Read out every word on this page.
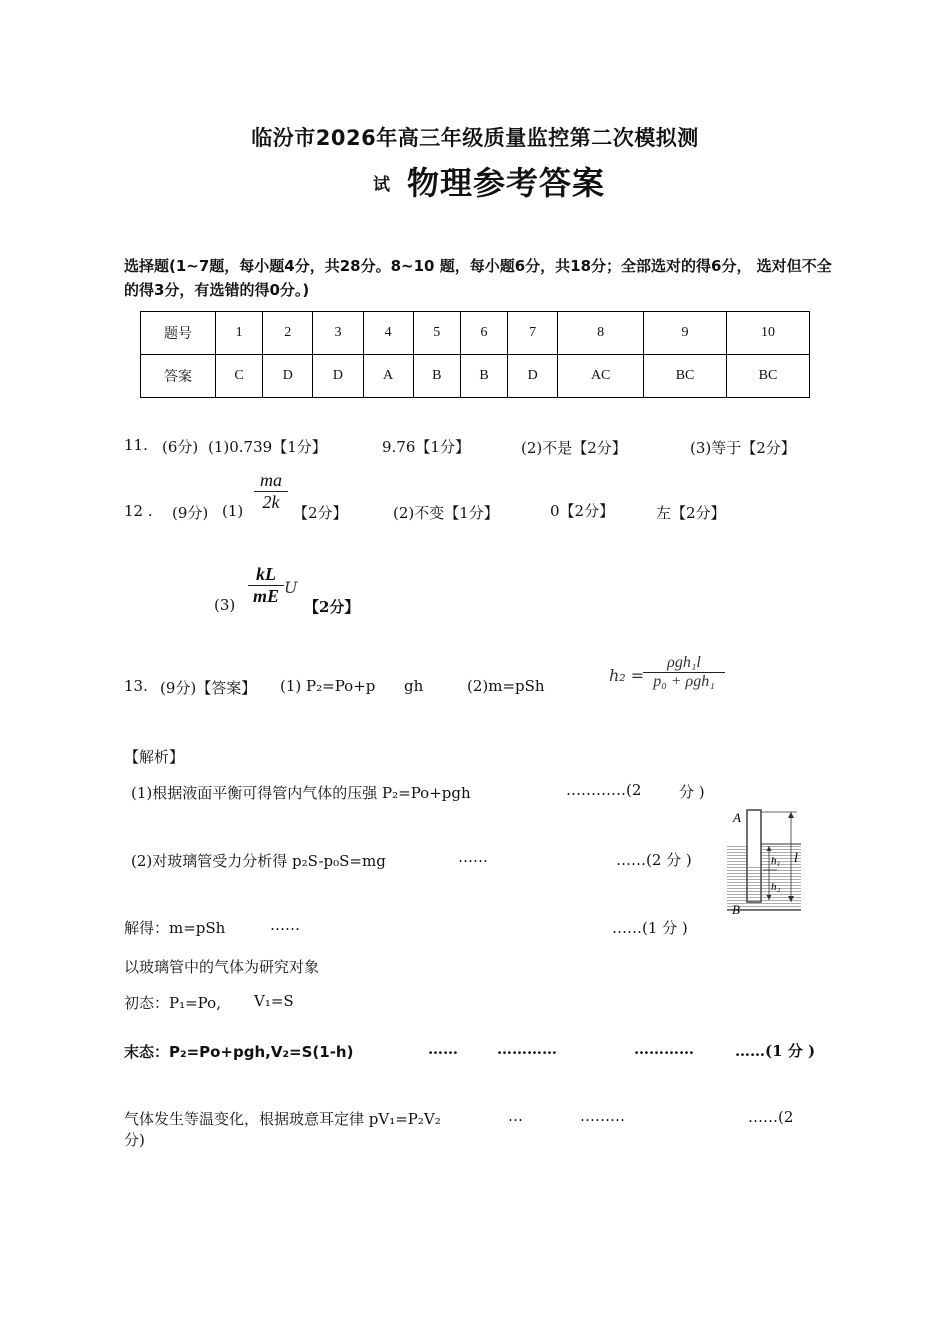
临汾市2026年高三年级质量监控第二次模拟测
试 物理参考答案
选择题(1~7题，每小题4分，共28分。8~10 题，每小题6分，共18分；全部选对的得6分， 选对但不全的得3分，有选错的得0分。)
题号	1	2	3	4	5	6	7	8	9	10
答案	C	D	D	A	B	B	D	AC	BC	BC
11. (6分) (1)0.739【1分】	9.76【1分】	(2)不是【2分】	(3)等于【2分】
12 . (9分) (1)
ma
2k
【2分】	(2)不变【1分】	0【2分】	左【2分】
(3)
kL
mE U
【2分】
13. (9分)【答案】 (1) P₂=Po+p gh	(2)m=pSh
h₂ =
ρgh₁l
p₀ + ρgh₁
【解析】
(1)根据液面平衡可得管内气体的压强 P₂=Po+pgh	…………(2	分 )
(2)对玻璃管受力分析得 p₂S-p₀S=mg	……	……(2 分 )
解得：m=pSh	……	……(1 分 )
以玻璃管中的气体为研究对象
初态：P₁=Po, V₁=S
末态：P₂=Po+pgh,V₂=S(1-h)	……	…………	…………	……(1 分 )
气体发生等温变化，根据玻意耳定律 pV₁=P₂V₂	…	………	……(2
分)
A
B
h₁
h₂
l
